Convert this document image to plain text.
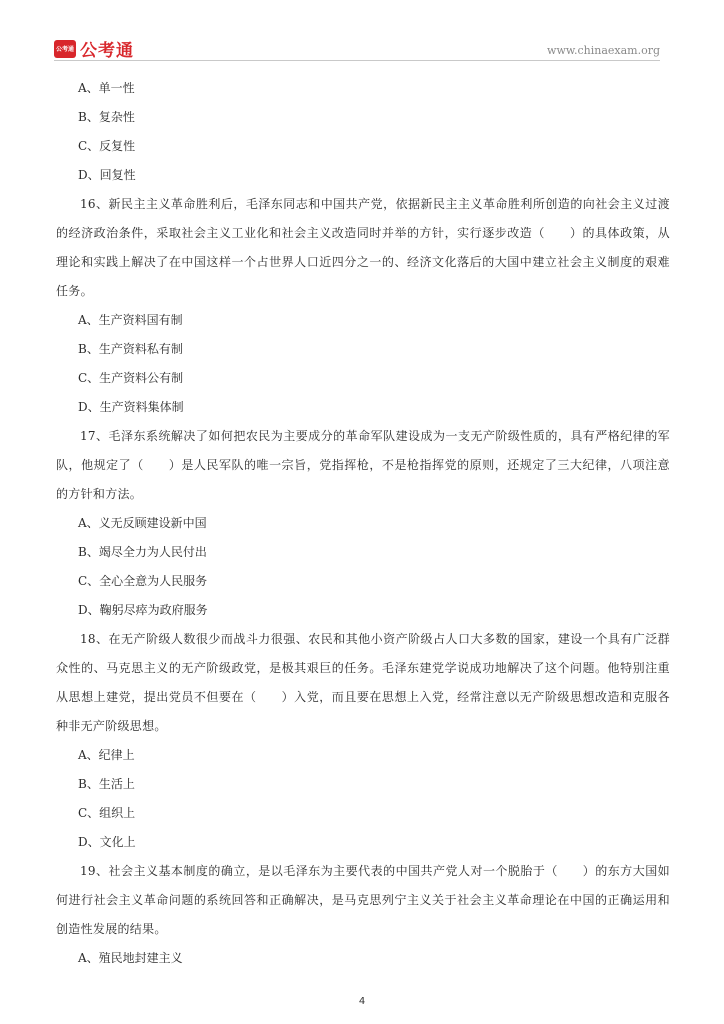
公考通 公考通	www.chinaexam.org
A、单一性
B、复杂性
C、反复性
D、回复性

16、新民主主义革命胜利后，毛泽东同志和中国共产党，依据新民主主义革命胜利所创造的向社会主义过渡的经济政治条件，采取社会主义工业化和社会主义改造同时并举的方针，实行逐步改造（　　）的具体政策，从理论和实践上解决了在中国这样一个占世界人口近四分之一的、经济文化落后的大国中建立社会主义制度的艰难任务。

A、生产资料国有制
B、生产资料私有制
C、生产资料公有制
D、生产资料集体制

17、毛泽东系统解决了如何把农民为主要成分的革命军队建设成为一支无产阶级性质的，具有严格纪律的军队，他规定了（　　）是人民军队的唯一宗旨，党指挥枪，不是枪指挥党的原则，还规定了三大纪律，八项注意的方针和方法。

A、义无反顾建设新中国
B、竭尽全力为人民付出
C、全心全意为人民服务
D、鞠躬尽瘁为政府服务

18、在无产阶级人数很少而战斗力很强、农民和其他小资产阶级占人口大多数的国家，建设一个具有广泛群众性的、马克思主义的无产阶级政党，是极其艰巨的任务。毛泽东建党学说成功地解决了这个问题。他特别注重从思想上建党，提出党员不但要在（　　）入党，而且要在思想上入党，经常注意以无产阶级思想改造和克服各种非无产阶级思想。

A、纪律上
B、生活上
C、组织上
D、文化上

19、社会主义基本制度的确立，是以毛泽东为主要代表的中国共产党人对一个脱胎于（　　）的东方大国如何进行社会主义革命问题的系统回答和正确解决，是马克思列宁主义关于社会主义革命理论在中国的正确运用和创造性发展的结果。

A、殖民地封建主义
4
